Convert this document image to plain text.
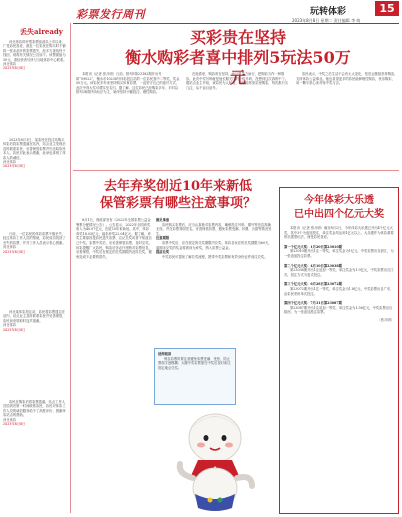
彩票发行周刊	玩转体彩	15
2023年8月8日 星期二 责任编辑 李 萌
丢失already

河北体彩即开型彩票刮刮乐上市以来，广受彩民喜爱，最近一位彩民在购买时不慎将一张未刮开的彩票遗失，经多方查找终于找回，现将有关情况公告如下。该票面值为30元，请拾获者尽快与当地体彩中心联系。

河北体彩
2023年8月8日

2023年8月1日，某彩民在投注站购买体彩后将彩票遗落在站内，站点业主发现后及时联系彩民，妥善保管彩票并归还给彩民本人，彩民对此表示感谢，此举也体现了体彩人的诚信。

河北体彩
2023年8月8日

日前，一位彩民的体彩彩票不慎丢失，经过体彩工作人员的帮助，彩民成功找回了丢失的彩票，并对工作人员表示衷心感谢。

河北体彩
2023年8月8日

河北某体彩投注站，彩民将彩票遗忘在站内，站点业主及时联系彩民并妥善保管，彩民前来领取时连声道谢。

河北体彩
2023年8月8日

彩民在购彩后将彩票遗落，站点工作人员拾到后第一时间联系彩民，彩民对体彩工作人员的诚信服务给予了高度评价，感谢体彩站点的帮助。

河北体彩
2023年8月8日
买彩贵在坚持
衡水购彩者喜中排列5玩法50万元

本报讯（记者 张月明）日前，排列5第23182期开出号码“09022”，衡水市10238号体彩投注站的一位彩民喜中二等奖，奖金50万元。该彩民多年来坚持购买体育彩票，一直坚守自己的选号方式，此次中得大奖可谓实至名归。据了解，这位彩民已经购彩多年，平时以排列3和排列5玩法为主，始终坚持小额投注、理性购彩。

在他看来，购彩贵在坚持，而且要量力而行，把购彩当作一种娱乐。此次中奖号码就是他长期关注的一组号码，没想到这次真的中了。据站点业主介绍，该彩民为人和善，平时经常来站里购彩，每次都只买几注，从不盲目追号。

彩民表示，中奖之后生活不会有太大变化，依旧会继续坚持购彩，支持体彩公益事业。他也希望更多的彩民能够理性购彩，快乐购彩，用一颗平常心来对待中奖与否。

去年弃奖创近10年来新低
保管彩票有哪些注意事项？

8月1日，财政部发布《2022年全国彩票公益金筹集分配情况公告》。公告显示，2022年全国弃奖收入为40.07亿元，创近10年来新低。其中，体彩弃奖18.03亿元，福彩弃奖22.04亿元。据了解，弃奖主要原因是彩民遗失彩票、忘记兑奖或者不知道自己中奖。彩票中奖后，应妥善保管彩票，及时兑奖。体彩提醒广大彩民，购彩后务必仔细核对彩票信息，妥善保管，中奖后在规定的兑奖期限内及时兑奖，避免造成不必要的损失。

做足准备

彩民购买彩票后，应当认真核对彩票内容，确保投注号码、期号等信息准确无误，并在彩票背面签名。妥善保管彩票，避免彩票受潮、折叠、污损等情况发生。

注意期限

彩票中奖后，应在规定的兑奖期限内兑奖。体彩各玩法的兑奖期限为60天，逾期未兑奖的奖金将被视为弃奖，纳入彩票公益金。

提前兑奖

中奖彩民可提前了解兑奖流程，携带中奖彩票和有效身份证件前往兑奖。

延伸阅读

保存彩票时要注意避免彩票受潮、受热，防止票面字迹模糊；大额中奖彩票需在中奖后及时前往指定地点兑奖。

今年体彩大乐透
已中出四个亿元大奖

本报讯（记者 张月明）截至8月2日，今年体彩大乐透已开出4个亿元大奖，其中3个为追加投注，单注奖金均达到1亿元以上。大乐透作为体彩重要的乐透型玩法，深受彩民喜爱。

第一个亿元大奖：1月20日第23010期

第23010期开出1注一等奖，单注奖金为1亿元，中奖彩票出自浙江，为一张追加投注彩票。

第二个亿元大奖：4月10日第23038期

第23038期开出1注追加一等奖，单注奖金为1.9亿元，中奖彩票出自江苏，投注方式为复式投注。

第三个亿元大奖：6月28日第23072期

第23072期开出1注一等奖，单注奖金为1.8亿元，中奖彩票出自广东，由彩民采用单式投注。

第四个亿元大奖：7月31日第23087期

第23087期开出1注追加一等奖，单注奖金为1.56亿元，中奖彩票出自陕西，为一张追加投注彩票。

（张月明）
